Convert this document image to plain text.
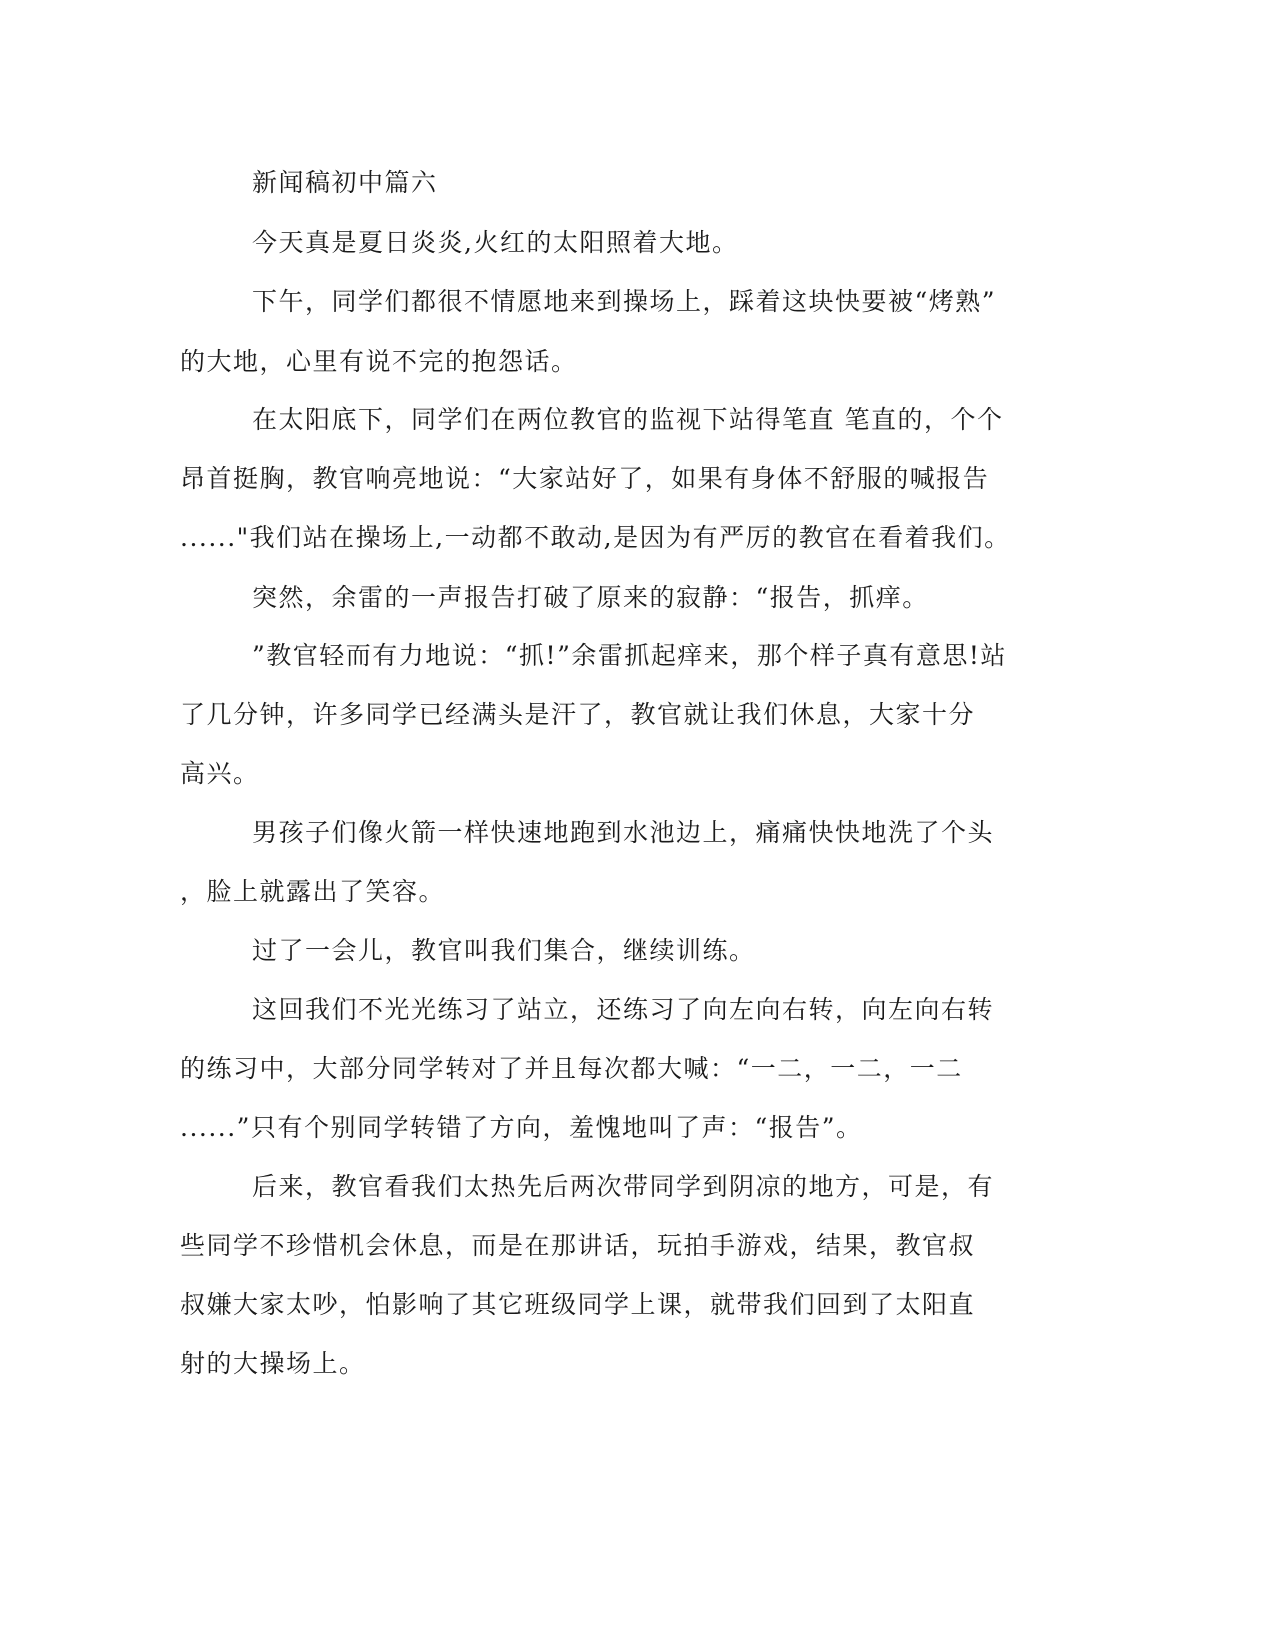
新闻稿初中篇六
今天真是夏日炎炎,火红的太阳照着大地。
下午，同学们都很不情愿地来到操场上，踩着这块快要被“烤熟”
的大地，心里有说不完的抱怨话。
在太阳底下，同学们在两位教官的监视下站得笔直 笔直的，个个
昂首挺胸，教官响亮地说：“大家站好了，如果有身体不舒服的喊报告
......"我们站在操场上,一动都不敢动,是因为有严厉的教官在看着我们。
突然，余雷的一声报告打破了原来的寂静：“报告，抓痒。
”教官轻而有力地说：“抓!”余雷抓起痒来，那个样子真有意思!站
了几分钟，许多同学已经满头是汗了，教官就让我们休息，大家十分
高兴。
男孩子们像火箭一样快速地跑到水池边上，痛痛快快地洗了个头
，脸上就露出了笑容。
过了一会儿，教官叫我们集合，继续训练。
这回我们不光光练习了站立，还练习了向左向右转，向左向右转
的练习中，大部分同学转对了并且每次都大喊：“一二，一二，一二
......”只有个别同学转错了方向，羞愧地叫了声：“报告”。
后来，教官看我们太热先后两次带同学到阴凉的地方，可是，有
些同学不珍惜机会休息，而是在那讲话，玩拍手游戏，结果，教官叔
叔嫌大家太吵，怕影响了其它班级同学上课，就带我们回到了太阳直
射的大操场上。
